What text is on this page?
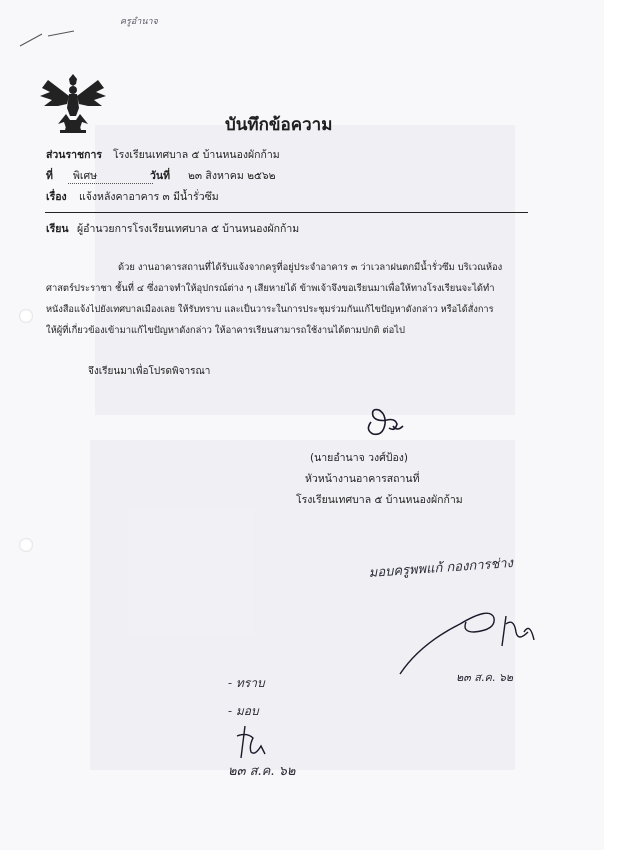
ครูอำนาจ
บันทึกข้อความ
ส่วนราชการ โรงเรียนเทศบาล ๕ บ้านหนองผักก้าม
ที่	พิเศษ	วันที่ ๒๓ สิงหาคม ๒๕๖๒
เรื่อง แจ้งหลังคาอาคาร ๓ มีน้ำรั่วซึม
เรียน ผู้อำนวยการโรงเรียนเทศบาล ๕ บ้านหนองผักก้าม
ด้วย งานอาคารสถานที่ได้รับแจ้งจากครูที่อยู่ประจำอาคาร ๓ ว่าเวลาฝนตกมีน้ำรั่วซึม บริเวณห้อง
ศาสตร์ประราชา ชั้นที่ ๔ ซึ่งอาจทำให้อุปกรณ์ต่าง ๆ เสียหายได้ ข้าพเจ้าจึงขอเรียนมาเพื่อให้ทางโรงเรียนจะได้ทำ
หนังสือแจ้งไปยังเทศบาลเมืองเลย ให้รับทราบ และเป็นวาระในการประชุมร่วมกันแก้ไขปัญหาดังกล่าว หรือได้สั่งการ
ให้ผู้ที่เกี่ยวข้องเข้ามาแก้ไขปัญหาดังกล่าว ให้อาคารเรียนสามารถใช้งานได้ตามปกติ ต่อไป
จึงเรียนมาเพื่อโปรดพิจารณา
(นายอำนาจ วงศ์ป้อง)
หัวหน้างานอาคารสถานที่
โรงเรียนเทศบาล ๕ บ้านหนองผักก้าม
มอบครูพพแก้ กองการช่าง
๒๓ ส.ค. ๖๒
- ทราบ
- มอบ
๒๓ ส.ค. ๖๒
